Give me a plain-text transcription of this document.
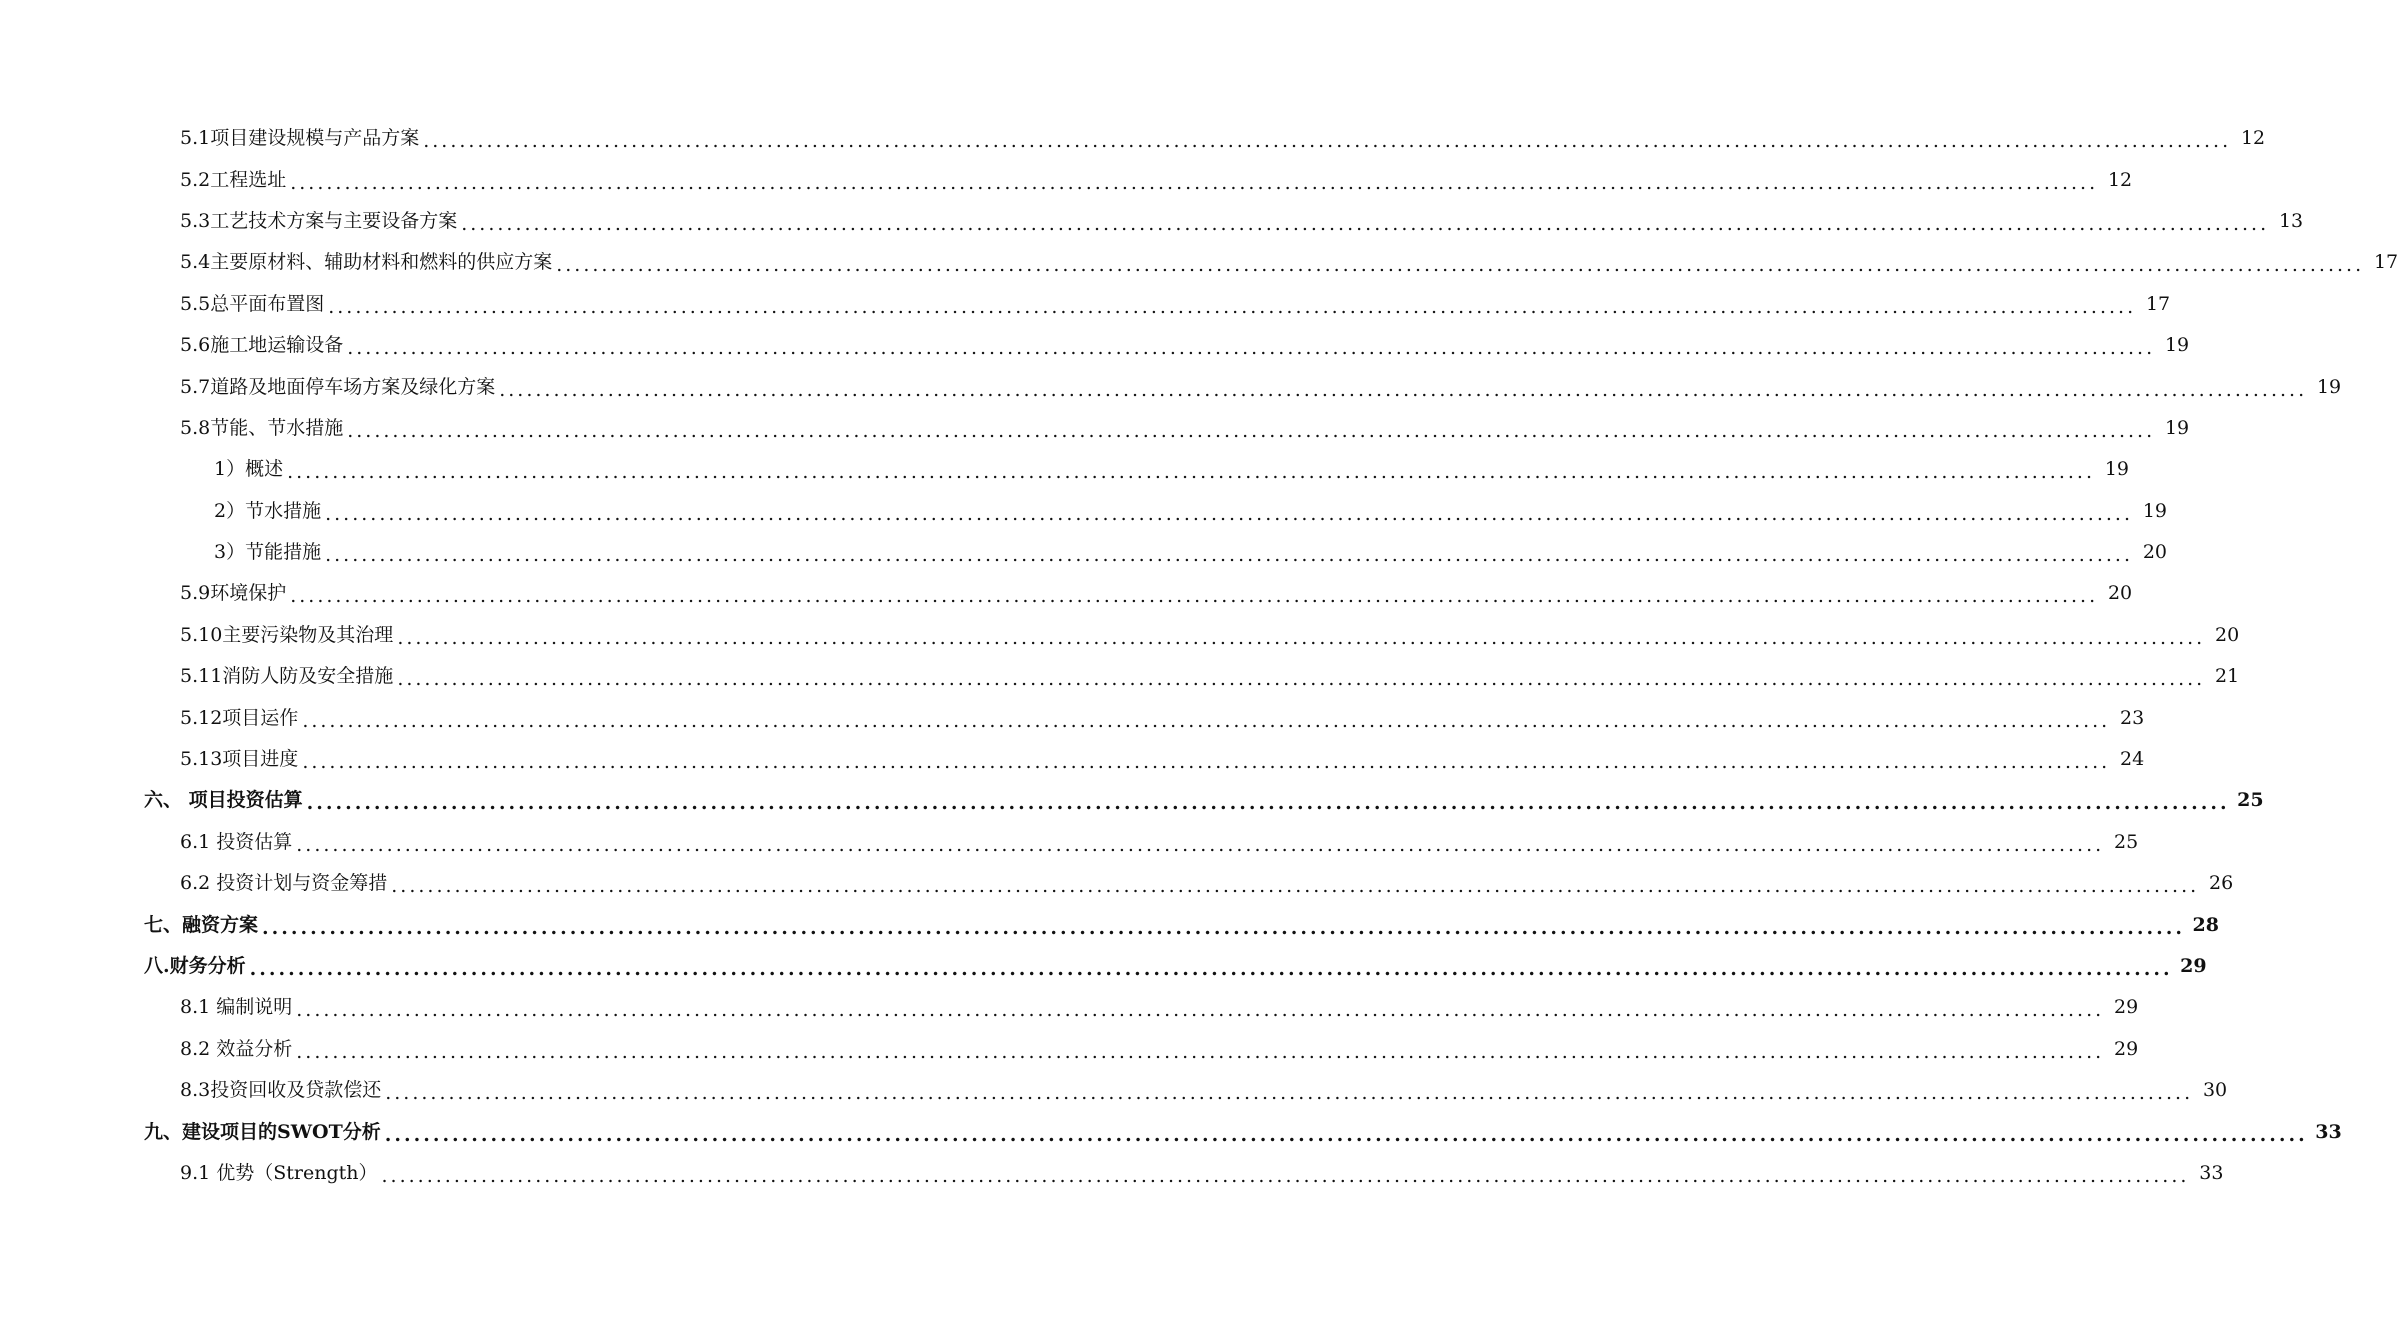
5.1项目建设规模与产品方案 ........................................................................................................................................................................................................ 12
5.2工程选址 ........................................................................................................................................................................................................ 12
5.3工艺技术方案与主要设备方案 ........................................................................................................................................................................................................ 13
5.4主要原材料、辅助材料和燃料的供应方案 ........................................................................................................................................................................................................ 17
5.5总平面布置图 ........................................................................................................................................................................................................ 17
5.6施工地运输设备 ........................................................................................................................................................................................................ 19
5.7道路及地面停车场方案及绿化方案 ........................................................................................................................................................................................................ 19
5.8节能、节水措施 ........................................................................................................................................................................................................ 19
1）概述 ........................................................................................................................................................................................................ 19
2）节水措施 ........................................................................................................................................................................................................ 19
3）节能措施 ........................................................................................................................................................................................................ 20
5.9环境保护 ........................................................................................................................................................................................................ 20
5.10主要污染物及其治理 ........................................................................................................................................................................................................ 20
5.11消防人防及安全措施 ........................................................................................................................................................................................................ 21
5.12项目运作 ........................................................................................................................................................................................................ 23
5.13项目进度 ........................................................................................................................................................................................................ 24
六、 项目投资估算 ........................................................................................................................................................................................................ 25
6.1 投资估算 ........................................................................................................................................................................................................ 25
6.2 投资计划与资金筹措 ........................................................................................................................................................................................................ 26
七、融资方案 ........................................................................................................................................................................................................ 28
八.财务分析 ........................................................................................................................................................................................................ 29
8.1 编制说明 ........................................................................................................................................................................................................ 29
8.2 效益分析 ........................................................................................................................................................................................................ 29
8.3投资回收及贷款偿还 ........................................................................................................................................................................................................ 30
九、建设项目的SWOT分析 ........................................................................................................................................................................................................ 33
9.1 优势（Strength） ........................................................................................................................................................................................................ 33
